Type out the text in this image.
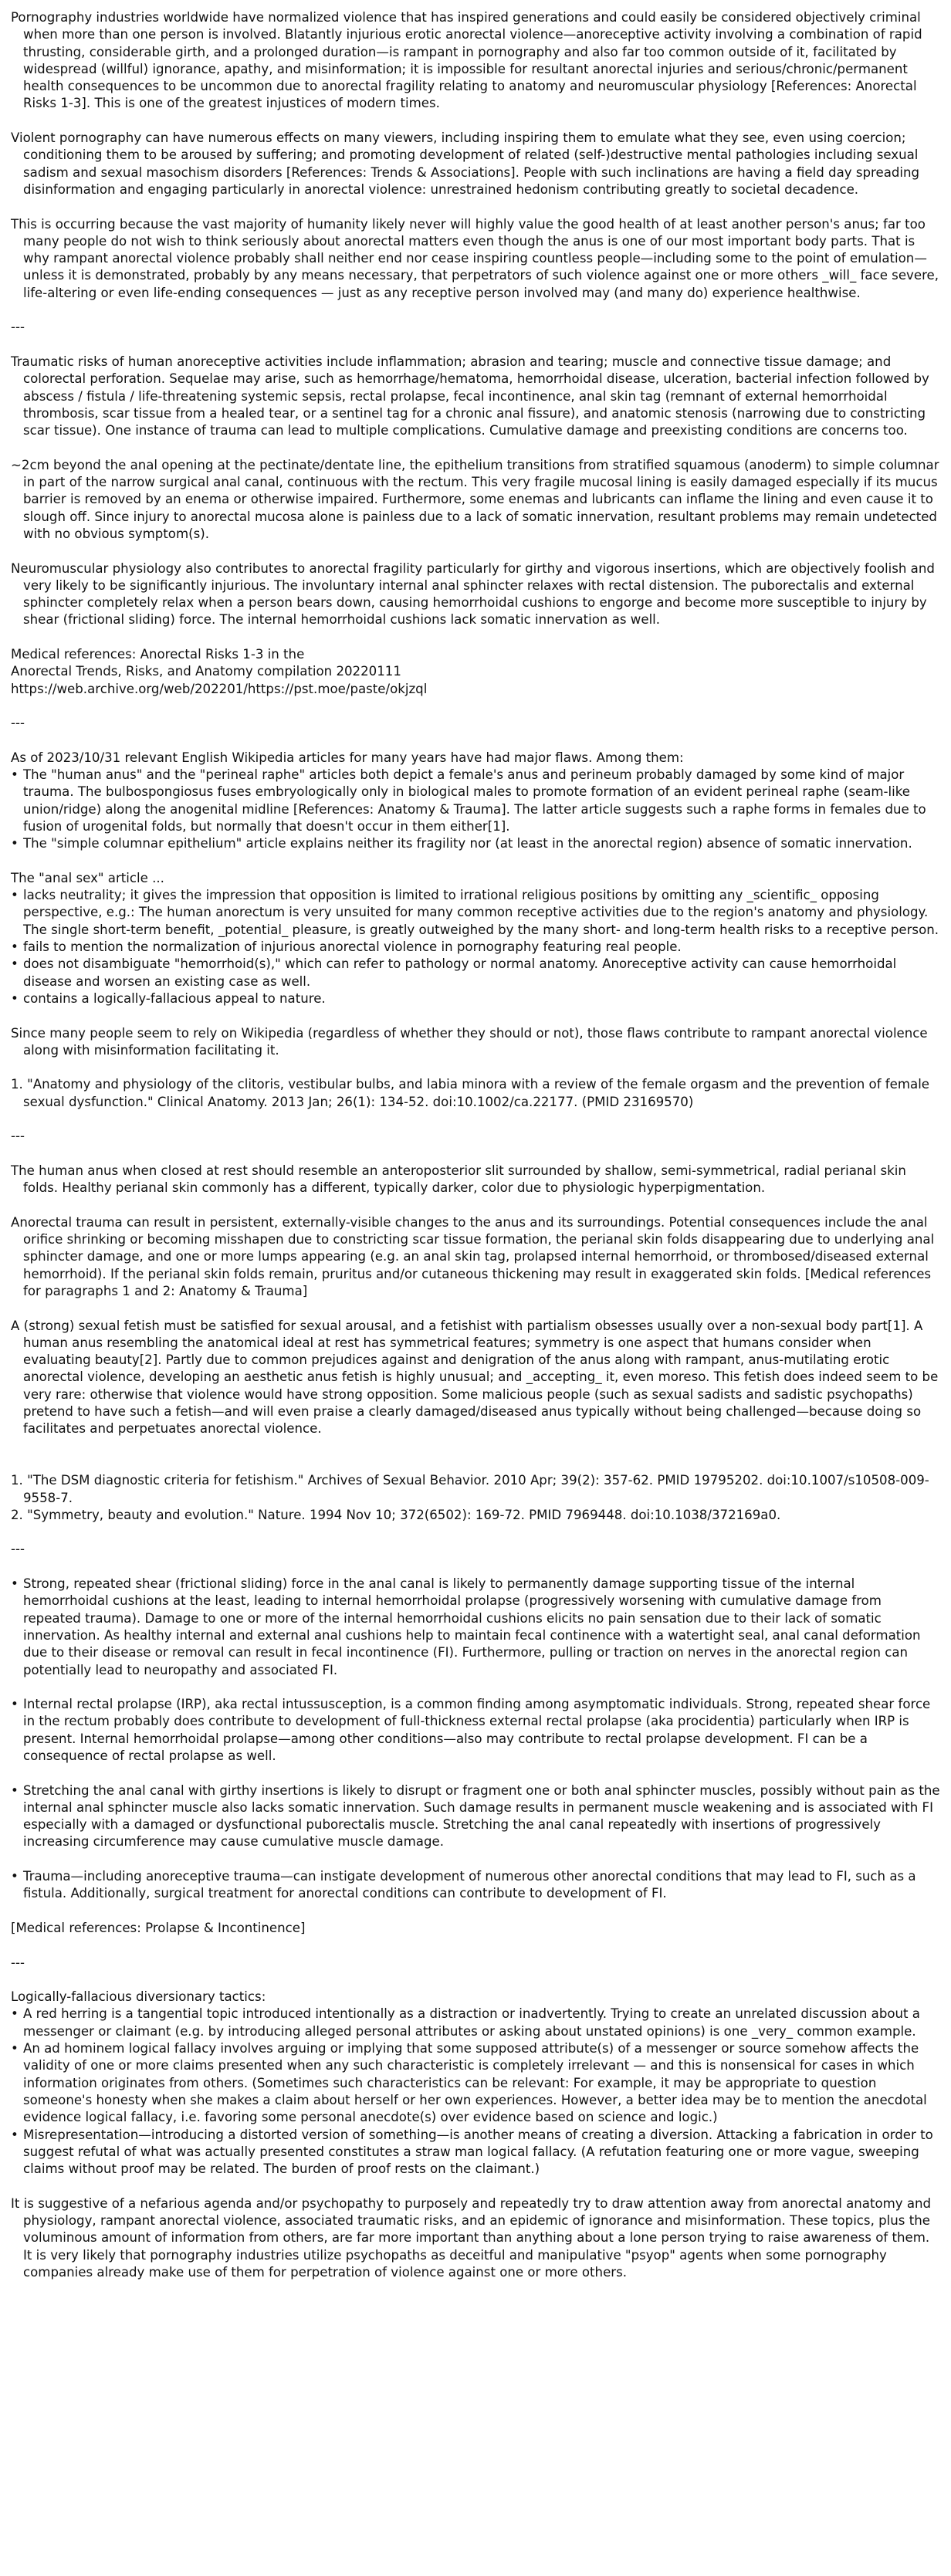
Pornography industries worldwide have normalized violence that has inspired generations and could easily be considered objectively criminal when more than one person is involved. Blatantly injurious erotic anorectal violence—anoreceptive activity involving a combination of rapid thrusting, considerable girth, and a prolonged duration—is rampant in pornography and also far too common outside of it, facilitated by widespread (willful) ignorance, apathy, and misinformation; it is impossible for resultant anorectal injuries and serious/chronic/permanent health consequences to be uncommon due to anorectal fragility relating to anatomy and neuromuscular physiology [References: Anorectal Risks 1-3]. This is one of the greatest injustices of modern times.

Violent pornography can have numerous effects on many viewers, including inspiring them to emulate what they see, even using coercion; conditioning them to be aroused by suffering; and promoting development of related (self-)destructive mental pathologies including sexual sadism and sexual masochism disorders [References: Trends & Associations]. People with such inclinations are having a field day spreading disinformation and engaging particularly in anorectal violence: unrestrained hedonism contributing greatly to societal decadence.

This is occurring because the vast majority of humanity likely never will highly value the good health of at least another person's anus; far too many people do not wish to think seriously about anorectal matters even though the anus is one of our most important body parts. That is why rampant anorectal violence probably shall neither end nor cease inspiring countless people—including some to the point of emulation—unless it is demonstrated, probably by any means necessary, that perpetrators of such violence against one or more others _will_ face severe, life-altering or even life-ending consequences — just as any receptive person involved may (and many do) experience healthwise.

---

Traumatic risks of human anoreceptive activities include inflammation; abrasion and tearing; muscle and connective tissue damage; and colorectal perforation. Sequelae may arise, such as hemorrhage/hematoma, hemorrhoidal disease, ulceration, bacterial infection followed by abscess / fistula / life-threatening systemic sepsis, rectal prolapse, fecal incontinence, anal skin tag (remnant of external hemorrhoidal thrombosis, scar tissue from a healed tear, or a sentinel tag for a chronic anal fissure), and anatomic stenosis (narrowing due to constricting scar tissue). One instance of trauma can lead to multiple complications. Cumulative damage and preexisting conditions are concerns too.

~2cm beyond the anal opening at the pectinate/dentate line, the epithelium transitions from stratified squamous (anoderm) to simple columnar in part of the narrow surgical anal canal, continuous with the rectum. This very fragile mucosal lining is easily damaged especially if its mucus barrier is removed by an enema or otherwise impaired. Furthermore, some enemas and lubricants can inflame the lining and even cause it to slough off. Since injury to anorectal mucosa alone is painless due to a lack of somatic innervation, resultant problems may remain undetected with no obvious symptom(s).

Neuromuscular physiology also contributes to anorectal fragility particularly for girthy and vigorous insertions, which are objectively foolish and very likely to be significantly injurious. The involuntary internal anal sphincter relaxes with rectal distension. The puborectalis and external sphincter completely relax when a person bears down, causing hemorrhoidal cushions to engorge and become more susceptible to injury by shear (frictional sliding) force. The internal hemorrhoidal cushions lack somatic innervation as well.

Medical references: Anorectal Risks 1-3 in the
Anorectal Trends, Risks, and Anatomy compilation 20220111
https://web.archive.org/web/202201/https://pst.moe/paste/okjzql

---

As of 2023/10/31 relevant English Wikipedia articles for many years have had major flaws. Among them:

• The "human anus" and the "perineal raphe" articles both depict a female's anus and perineum probably damaged by some kind of major trauma. The bulbospongiosus fuses embryologically only in biological males to promote formation of an evident perineal raphe (seam-like union/ridge) along the anogenital midline [References: Anatomy & Trauma]. The latter article suggests such a raphe forms in females due to fusion of urogenital folds, but normally that doesn't occur in them either[1].
• The "simple columnar epithelium" article explains neither its fragility nor (at least in the anorectal region) absence of somatic innervation.

The "anal sex" article ...

• lacks neutrality; it gives the impression that opposition is limited to irrational religious positions by omitting any _scientific_ opposing perspective, e.g.: The human anorectum is very unsuited for many common receptive activities due to the region's anatomy and physiology. The single short-term benefit, _potential_ pleasure, is greatly outweighed by the many short- and long-term health risks to a receptive person.
• fails to mention the normalization of injurious anorectal violence in pornography featuring real people.
• does not disambiguate "hemorrhoid(s)," which can refer to pathology or normal anatomy. Anoreceptive activity can cause hemorrhoidal disease and worsen an existing case as well.
• contains a logically-fallacious appeal to nature.

Since many people seem to rely on Wikipedia (regardless of whether they should or not), those flaws contribute to rampant anorectal violence along with misinformation facilitating it.

1. "Anatomy and physiology of the clitoris, vestibular bulbs, and labia minora with a review of the female orgasm and the prevention of female sexual dysfunction." Clinical Anatomy. 2013 Jan; 26(1): 134-52. doi:10.1002/ca.22177. (PMID 23169570)

---

The human anus when closed at rest should resemble an anteroposterior slit surrounded by shallow, semi-symmetrical, radial perianal skin folds. Healthy perianal skin commonly has a different, typically darker, color due to physiologic hyperpigmentation.

Anorectal trauma can result in persistent, externally-visible changes to the anus and its surroundings. Potential consequences include the anal orifice shrinking or becoming misshapen due to constricting scar tissue formation, the perianal skin folds disappearing due to underlying anal sphincter damage, and one or more lumps appearing (e.g. an anal skin tag, prolapsed internal hemorrhoid, or thrombosed/diseased external hemorrhoid). If the perianal skin folds remain, pruritus and/or cutaneous thickening may result in exaggerated skin folds. [Medical references for paragraphs 1 and 2: Anatomy & Trauma]

A (strong) sexual fetish must be satisfied for sexual arousal, and a fetishist with partialism obsesses usually over a non-sexual body part[1]. A human anus resembling the anatomical ideal at rest has symmetrical features; symmetry is one aspect that humans consider when evaluating beauty[2]. Partly due to common prejudices against and denigration of the anus along with rampant, anus-mutilating erotic anorectal violence, developing an aesthetic anus fetish is highly unusual; and _accepting_ it, even moreso. This fetish does indeed seem to be very rare: otherwise that violence would have strong opposition. Some malicious people (such as sexual sadists and sadistic psychopaths) pretend to have such a fetish—and will even praise a clearly damaged/diseased anus typically without being challenged—because doing so facilitates and perpetuates anorectal violence.

1. "The DSM diagnostic criteria for fetishism." Archives of Sexual Behavior. 2010 Apr; 39(2): 357-62. PMID 19795202. doi:10.1007/s10508-009-9558-7.

2. "Symmetry, beauty and evolution." Nature. 1994 Nov 10; 372(6502): 169-72. PMID 7969448. doi:10.1038/372169a0.

---

• Strong, repeated shear (frictional sliding) force in the anal canal is likely to permanently damage supporting tissue of the internal hemorrhoidal cushions at the least, leading to internal hemorrhoidal prolapse (progressively worsening with cumulative damage from repeated trauma). Damage to one or more of the internal hemorrhoidal cushions elicits no pain sensation due to their lack of somatic innervation. As healthy internal and external anal cushions help to maintain fecal continence with a watertight seal, anal canal deformation due to their disease or removal can result in fecal incontinence (FI). Furthermore, pulling or traction on nerves in the anorectal region can potentially lead to neuropathy and associated FI.

• Internal rectal prolapse (IRP), aka rectal intussusception, is a common finding among asymptomatic individuals. Strong, repeated shear force in the rectum probably does contribute to development of full-thickness external rectal prolapse (aka procidentia) particularly when IRP is present. Internal hemorrhoidal prolapse—among other conditions—also may contribute to rectal prolapse development. FI can be a consequence of rectal prolapse as well.

• Stretching the anal canal with girthy insertions is likely to disrupt or fragment one or both anal sphincter muscles, possibly without pain as the internal anal sphincter muscle also lacks somatic innervation. Such damage results in permanent muscle weakening and is associated with FI especially with a damaged or dysfunctional puborectalis muscle. Stretching the anal canal repeatedly with insertions of progressively increasing circumference may cause cumulative muscle damage.

• Trauma—including anoreceptive trauma—can instigate development of numerous other anorectal conditions that may lead to FI, such as a fistula. Additionally, surgical treatment for anorectal conditions can contribute to development of FI.

[Medical references: Prolapse & Incontinence]

---

Logically-fallacious diversionary tactics:

• A red herring is a tangential topic introduced intentionally as a distraction or inadvertently. Trying to create an unrelated discussion about a messenger or claimant (e.g. by introducing alleged personal attributes or asking about unstated opinions) is one _very_ common example.
• An ad hominem logical fallacy involves arguing or implying that some supposed attribute(s) of a messenger or source somehow affects the validity of one or more claims presented when any such characteristic is completely irrelevant — and this is nonsensical for cases in which information originates from others. (Sometimes such characteristics can be relevant: For example, it may be appropriate to question someone's honesty when she makes a claim about herself or her own experiences. However, a better idea may be to mention the anecdotal evidence logical fallacy, i.e. favoring some personal anecdote(s) over evidence based on science and logic.)
• Misrepresentation—introducing a distorted version of something—is another means of creating a diversion. Attacking a fabrication in order to suggest refutal of what was actually presented constitutes a straw man logical fallacy. (A refutation featuring one or more vague, sweeping claims without proof may be related. The burden of proof rests on the claimant.)

It is suggestive of a nefarious agenda and/or psychopathy to purposely and repeatedly try to draw attention away from anorectal anatomy and physiology, rampant anorectal violence, associated traumatic risks, and an epidemic of ignorance and misinformation. These topics, plus the voluminous amount of information from others, are far more important than anything about a lone person trying to raise awareness of them. It is very likely that pornography industries utilize psychopaths as deceitful and manipulative "psyop" agents when some pornography companies already make use of them for perpetration of violence against one or more others.
